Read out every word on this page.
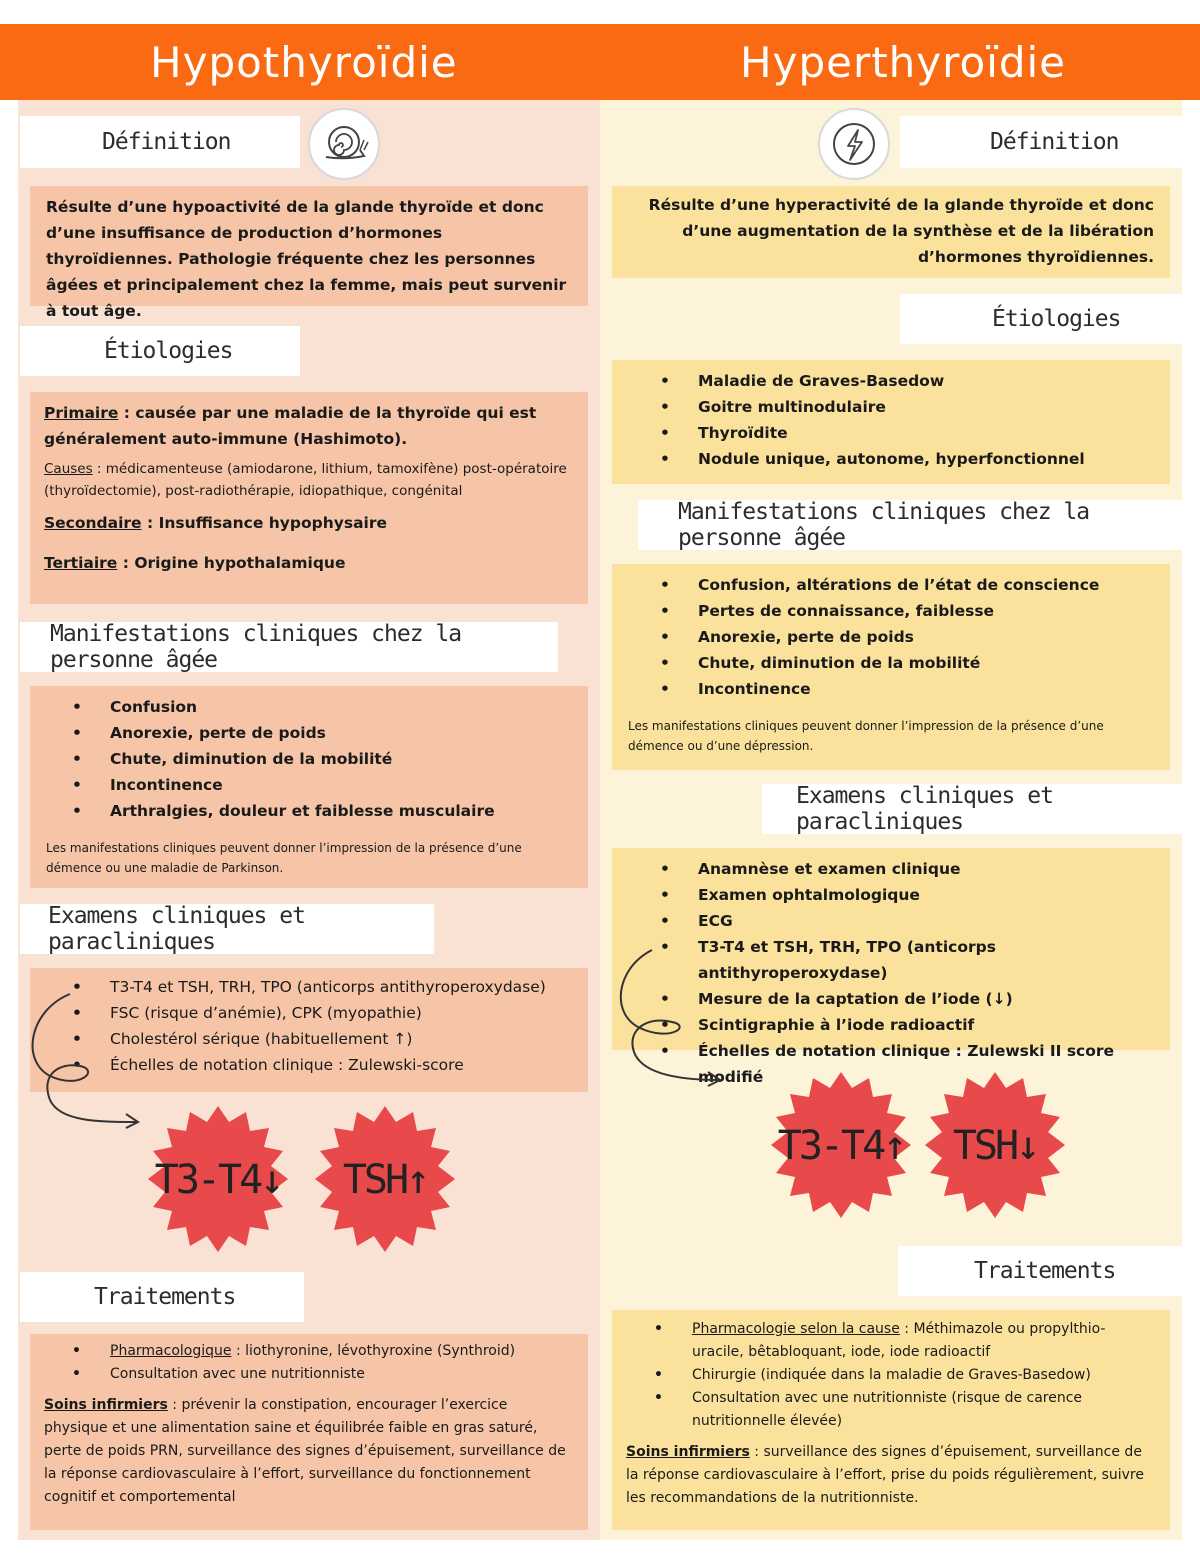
Hypothyroïdie	Hyperthyroïdie
Définition

Résulte d’une hypoactivité de la glande thyroïde et donc d’une insuffisance de production d’hormones thyroïdiennes. Pathologie fréquente chez les personnes âgées et principalement chez la femme, mais peut survenir à tout âge.

Étiologies

Primaire : causée par une maladie de la thyroïde qui est généralement auto-immune (Hashimoto).

Causes : médicamenteuse (amiodarone, lithium, tamoxifène) post-opératoire (thyroïdectomie), post-radiothérapie, idiopathique, congénital

Secondaire : Insuffisance hypophysaire

Tertiaire : Origine hypothalamique

Manifestations cliniques chez la personne âgée
• Confusion
• Anorexie, perte de poids
• Chute, diminution de la mobilité
• Incontinence
• Arthralgies, douleur et faiblesse musculaire

Les manifestations cliniques peuvent donner l’impression de la présence d’une démence ou une maladie de Parkinson.

Examens cliniques et paracliniques
• T3-T4 et TSH, TRH, TPO (anticorps antithyroperoxydase)
• FSC (risque d’anémie), CPK (myopathie)
• Cholestérol sérique (habituellement ↑)
• Échelles de notation clinique : Zulewski-score
T3-T4↓ TSH↑
Traitements
• Pharmacologique : liothyronine, lévothyroxine (Synthroid)
• Consultation avec une nutritionniste

Soins infirmiers : prévenir la constipation, encourager l’exercice physique et une alimentation saine et équilibrée faible en gras saturé, perte de poids PRN, surveillance des signes d’épuisement, surveillance de la réponse cardiovasculaire à l’effort, surveillance du fonctionnement cognitif et comportemental

Définition

Résulte d’une hyperactivité de la glande thyroïde et donc d’une augmentation de la synthèse et de la libération d’hormones thyroïdiennes.

Étiologies
• Maladie de Graves-Basedow
• Goitre multinodulaire
• Thyroïdite
• Nodule unique, autonome, hyperfonctionnel
Manifestations cliniques chez la personne âgée
• Confusion, altérations de l’état de conscience
• Pertes de connaissance, faiblesse
• Anorexie, perte de poids
• Chute, diminution de la mobilité
• Incontinence

Les manifestations cliniques peuvent donner l’impression de la présence d’une démence ou d’une dépression.

Examens cliniques et paracliniques
• Anamnèse et examen clinique
• Examen ophtalmologique
• ECG
• T3-T4 et TSH, TRH, TPO (anticorps antithyroperoxydase)
• Mesure de la captation de l’iode (↓)
• Scintigraphie à l’iode radioactif
• Échelles de notation clinique : Zulewski II score modifié
T3-T4↑ TSH↓
Traitements
• Pharmacologie selon la cause : Méthimazole ou propylthio-uracile, bêtabloquant, iode, iode radioactif
• Chirurgie (indiquée dans la maladie de Graves-Basedow)
• Consultation avec une nutritionniste (risque de carence nutritionnelle élevée)

Soins infirmiers : surveillance des signes d’épuisement, surveillance de la réponse cardiovasculaire à l’effort, prise du poids régulièrement, suivre les recommandations de la nutritionniste.
